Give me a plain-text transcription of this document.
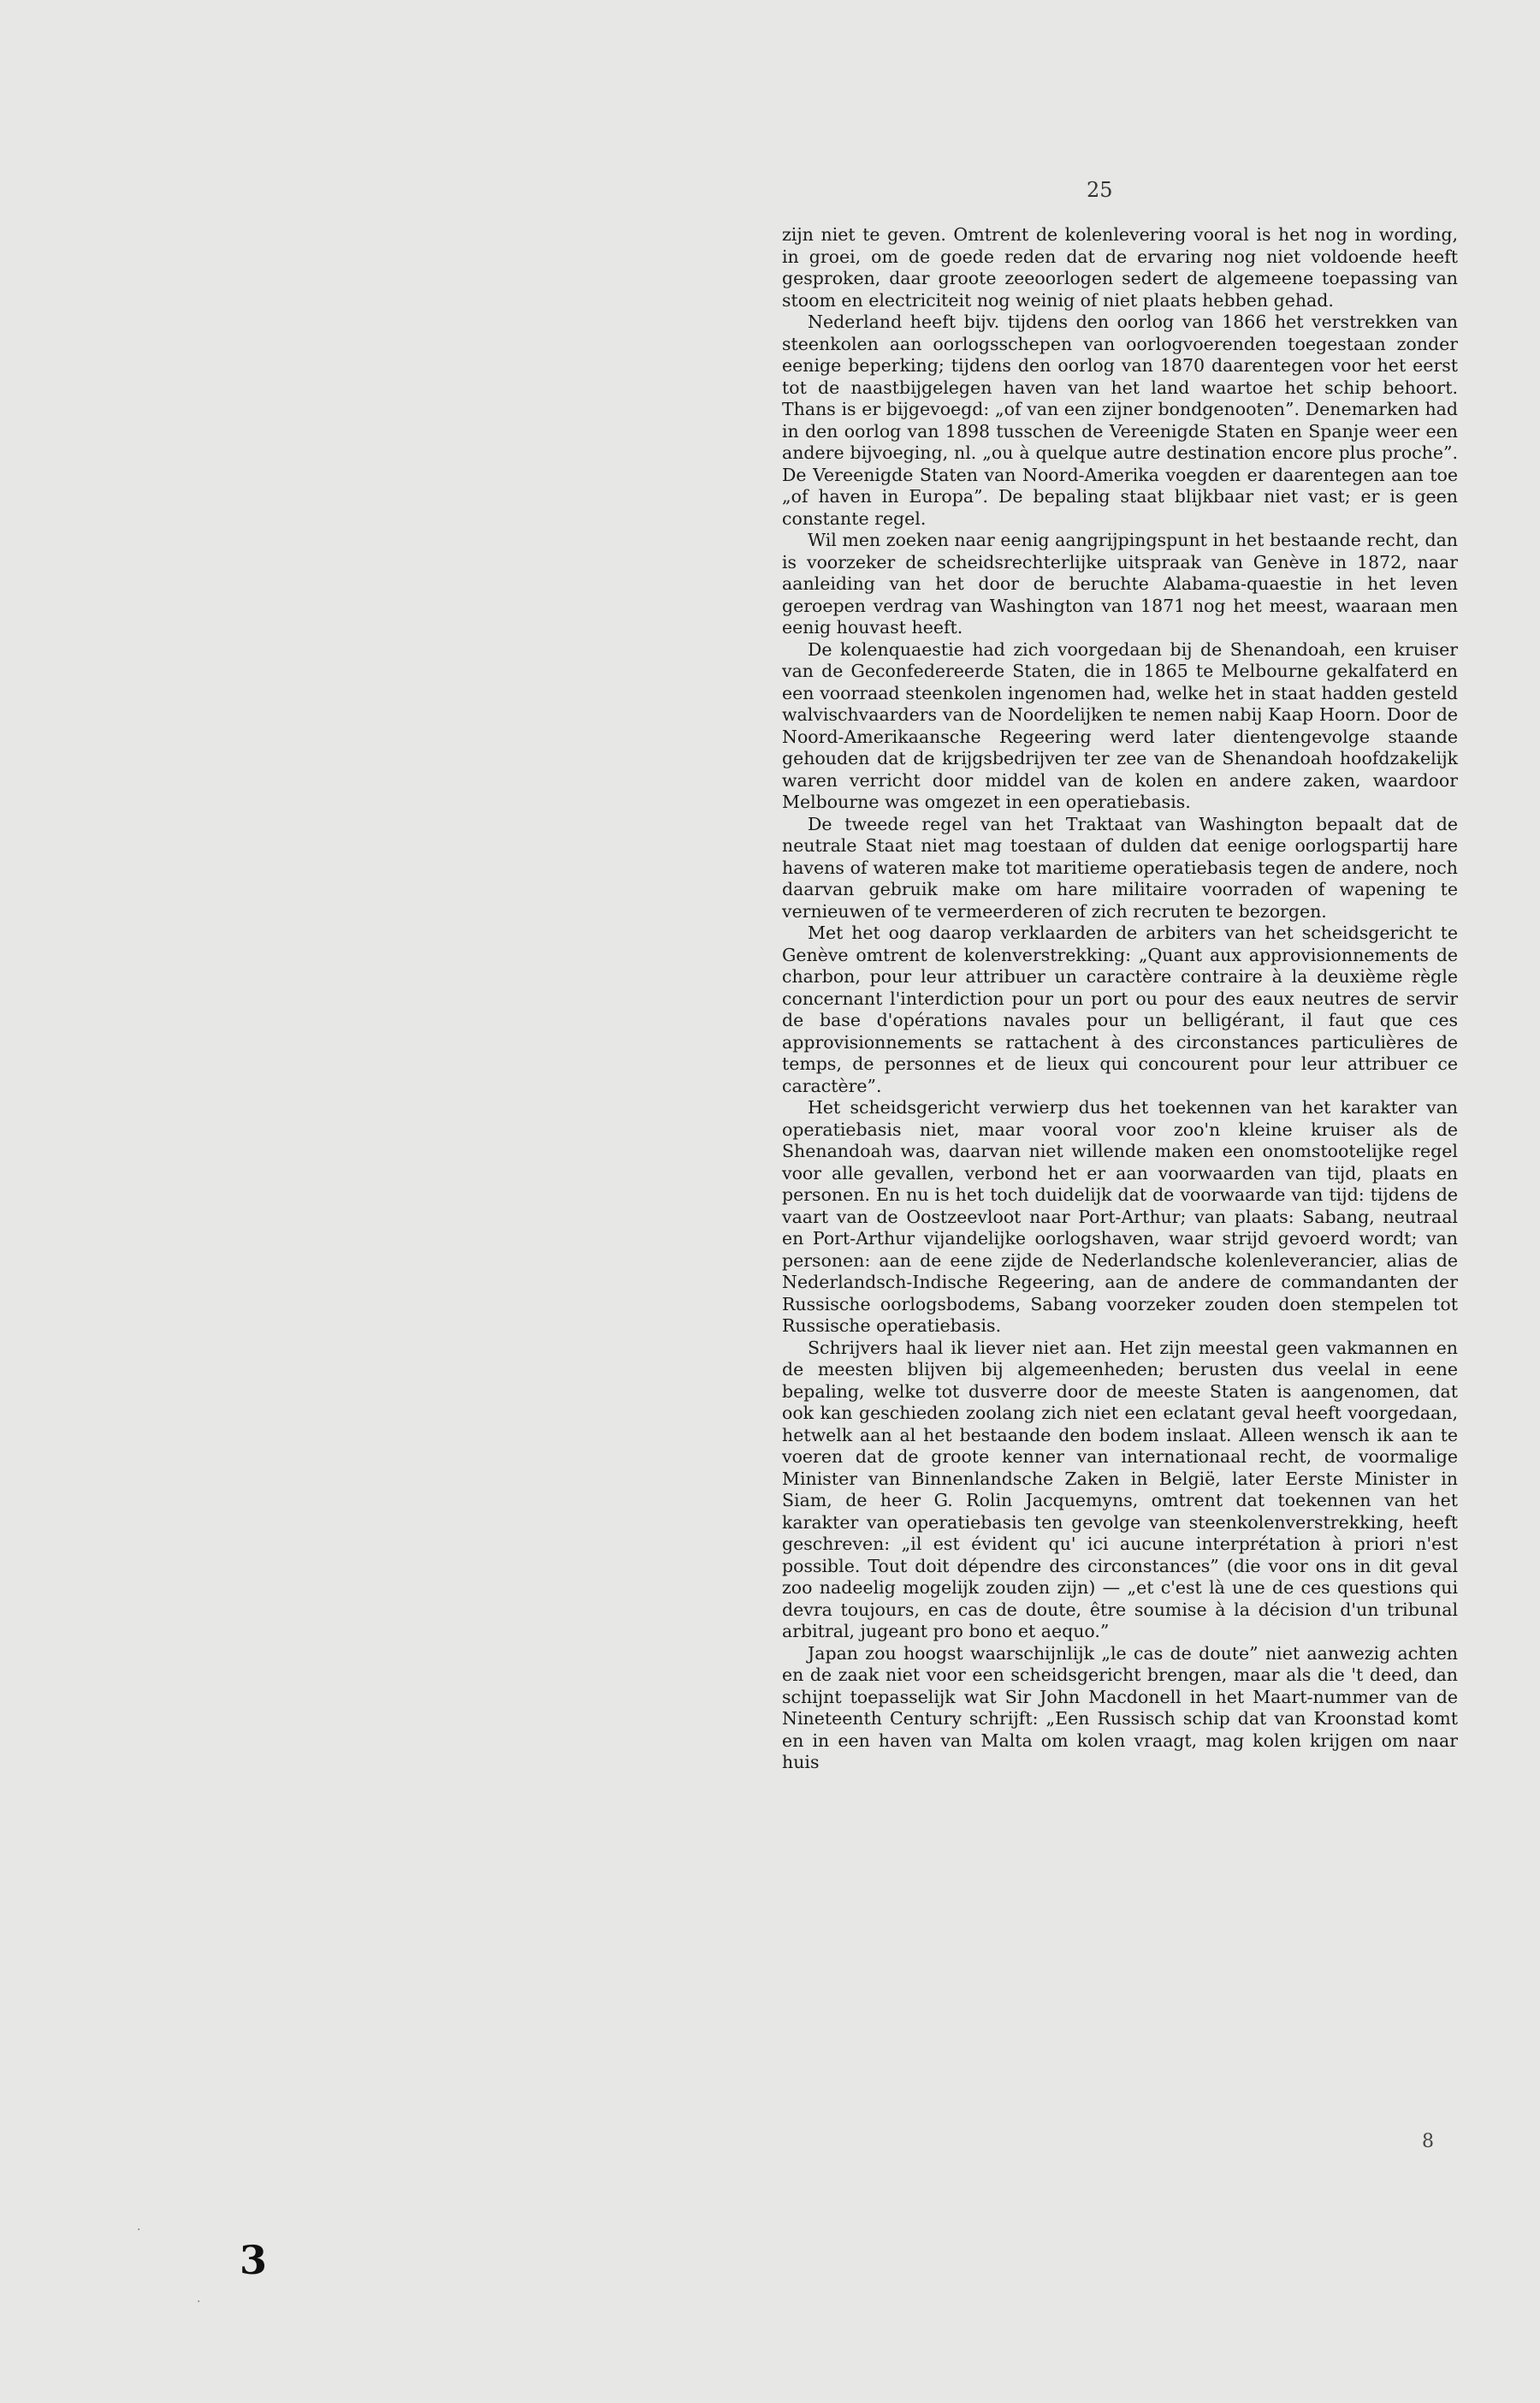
25

zijn niet te geven. Omtrent de kolenlevering vooral is het nog in wording, in groei, om de goede reden dat de ervaring nog niet voldoende heeft gesproken, daar groote zeeoorlogen sedert de algemeene toepassing van stoom en electriciteit nog weinig of niet plaats hebben gehad.

Nederland heeft bijv. tijdens den oorlog van 1866 het verstrekken van steenkolen aan oorlogsschepen van oorlogvoerenden toegestaan zonder eenige beperking; tijdens den oorlog van 1870 daarentegen voor het eerst tot de naastbijgelegen haven van het land waartoe het schip behoort. Thans is er bijgevoegd: „of van een zijner bondgenooten”. Denemarken had in den oorlog van 1898 tusschen de Vereenigde Staten en Spanje weer een andere bijvoeging, nl. „ou à quelque autre destination encore plus proche”. De Vereenigde Staten van Noord-Amerika voegden er daarentegen aan toe „of haven in Europa”. De bepaling staat blijkbaar niet vast; er is geen constante regel.

Wil men zoeken naar eenig aangrijpingspunt in het bestaande recht, dan is voorzeker de scheidsrechterlijke uitspraak van Genève in 1872, naar aanleiding van het door de beruchte Alabama-quaestie in het leven geroepen verdrag van Washington van 1871 nog het meest, waaraan men eenig houvast heeft.

De kolenquaestie had zich voorgedaan bij de Shenandoah, een kruiser van de Geconfedereerde Staten, die in 1865 te Melbourne gekalfaterd en een voorraad steenkolen ingenomen had, welke het in staat hadden gesteld walvischvaarders van de Noordelijken te nemen nabij Kaap Hoorn. Door de Noord-Amerikaansche Regeering werd later dientengevolge staande gehouden dat de krijgsbedrijven ter zee van de Shenandoah hoofdzakelijk waren verricht door middel van de kolen en andere zaken, waardoor Melbourne was omgezet in een operatiebasis.

De tweede regel van het Traktaat van Washington bepaalt dat de neutrale Staat niet mag toestaan of dulden dat eenige oorlogspartij hare havens of wateren make tot maritieme operatiebasis tegen de andere, noch daarvan gebruik make om hare militaire voorraden of wapening te vernieuwen of te vermeerderen of zich recruten te bezorgen.

Met het oog daarop verklaarden de arbiters van het scheidsgericht te Genève omtrent de kolenverstrekking: „Quant aux approvisionnements de charbon, pour leur attribuer un caractère contraire à la deuxième règle concernant l'interdiction pour un port ou pour des eaux neutres de servir de base d'opérations navales pour un belligérant, il faut que ces approvisionnements se rattachent à des circonstances particulières de temps, de personnes et de lieux qui concourent pour leur attribuer ce caractère”.

Het scheidsgericht verwierp dus het toekennen van het karakter van operatiebasis niet, maar vooral voor zoo'n kleine kruiser als de Shenandoah was, daarvan niet willende maken een onomstootelijke regel voor alle gevallen, verbond het er aan voorwaarden van tijd, plaats en personen. En nu is het toch duidelijk dat de voorwaarde van tijd: tijdens de vaart van de Oostzeevloot naar Port-Arthur; van plaats: Sabang, neutraal en Port-Arthur vijandelijke oorlogshaven, waar strijd gevoerd wordt; van personen: aan de eene zijde de Nederlandsche kolenleverancier, alias de Nederlandsch-Indische Regeering, aan de andere de commandanten der Russische oorlogsbodems, Sabang voorzeker zouden doen stempelen tot Russische operatiebasis.

Schrijvers haal ik liever niet aan. Het zijn meestal geen vakmannen en de meesten blijven bij algemeenheden; berusten dus veelal in eene bepaling, welke tot dusverre door de meeste Staten is aangenomen, dat ook kan geschieden zoolang zich niet een eclatant geval heeft voorgedaan, hetwelk aan al het bestaande den bodem inslaat. Alleen wensch ik aan te voeren dat de groote kenner van internationaal recht, de voormalige Minister van Binnenlandsche Zaken in België, later Eerste Minister in Siam, de heer G. Rolin Jacquemyns, omtrent dat toekennen van het karakter van operatiebasis ten gevolge van steenkolenverstrekking, heeft geschreven: „il est évident qu' ici aucune interprétation à priori n'est possible. Tout doit dépendre des circonstances” (die voor ons in dit geval zoo nadeelig mogelijk zouden zijn) — „et c'est là une de ces questions qui devra toujours, en cas de doute, être soumise à la décision d'un tribunal arbitral, jugeant pro bono et aequo.”

Japan zou hoogst waarschijnlijk „le cas de doute” niet aanwezig achten en de zaak niet voor een scheidsgericht brengen, maar als die 't deed, dan schijnt toepasselijk wat Sir John Macdonell in het Maart-nummer van de Nineteenth Century schrijft: „Een Russisch schip dat van Kroonstad komt en in een haven van Malta om kolen vraagt, mag kolen krijgen om naar huis

8
3
·
·
